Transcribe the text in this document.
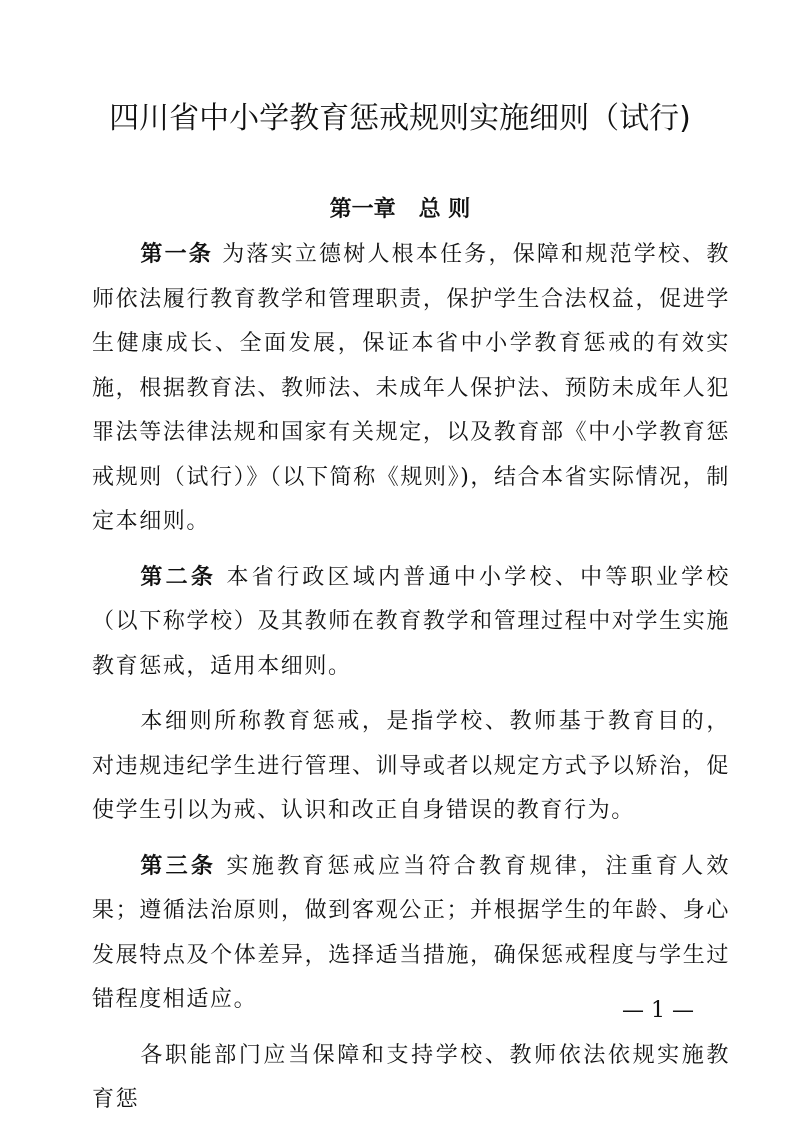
四川省中小学教育惩戒规则实施细则（试行)
第一章   总 则

第一条 为落实立德树人根本任务，保障和规范学校、教师依法履行教育教学和管理职责，保护学生合法权益，促进学生健康成长、全面发展，保证本省中小学教育惩戒的有效实施，根据教育法、教师法、未成年人保护法、预防未成年人犯罪法等法律法规和国家有关规定，以及教育部《中小学教育惩戒规则（试行）》（以下简称《规则》)，结合本省实际情况，制定本细则。

第二条 本省行政区域内普通中小学校、中等职业学校（以下称学校）及其教师在教育教学和管理过程中对学生实施教育惩戒，适用本细则。

本细则所称教育惩戒，是指学校、教师基于教育目的，对违规违纪学生进行管理、训导或者以规定方式予以矫治，促使学生引以为戒、认识和改正自身错误的教育行为。

第三条 实施教育惩戒应当符合教育规律，注重育人效果；遵循法治原则，做到客观公正；并根据学生的年龄、身心发展特点及个体差异，选择适当措施，确保惩戒程度与学生过错程度相适应。

各职能部门应当保障和支持学校、教师依法依规实施教育惩

— 1 —
